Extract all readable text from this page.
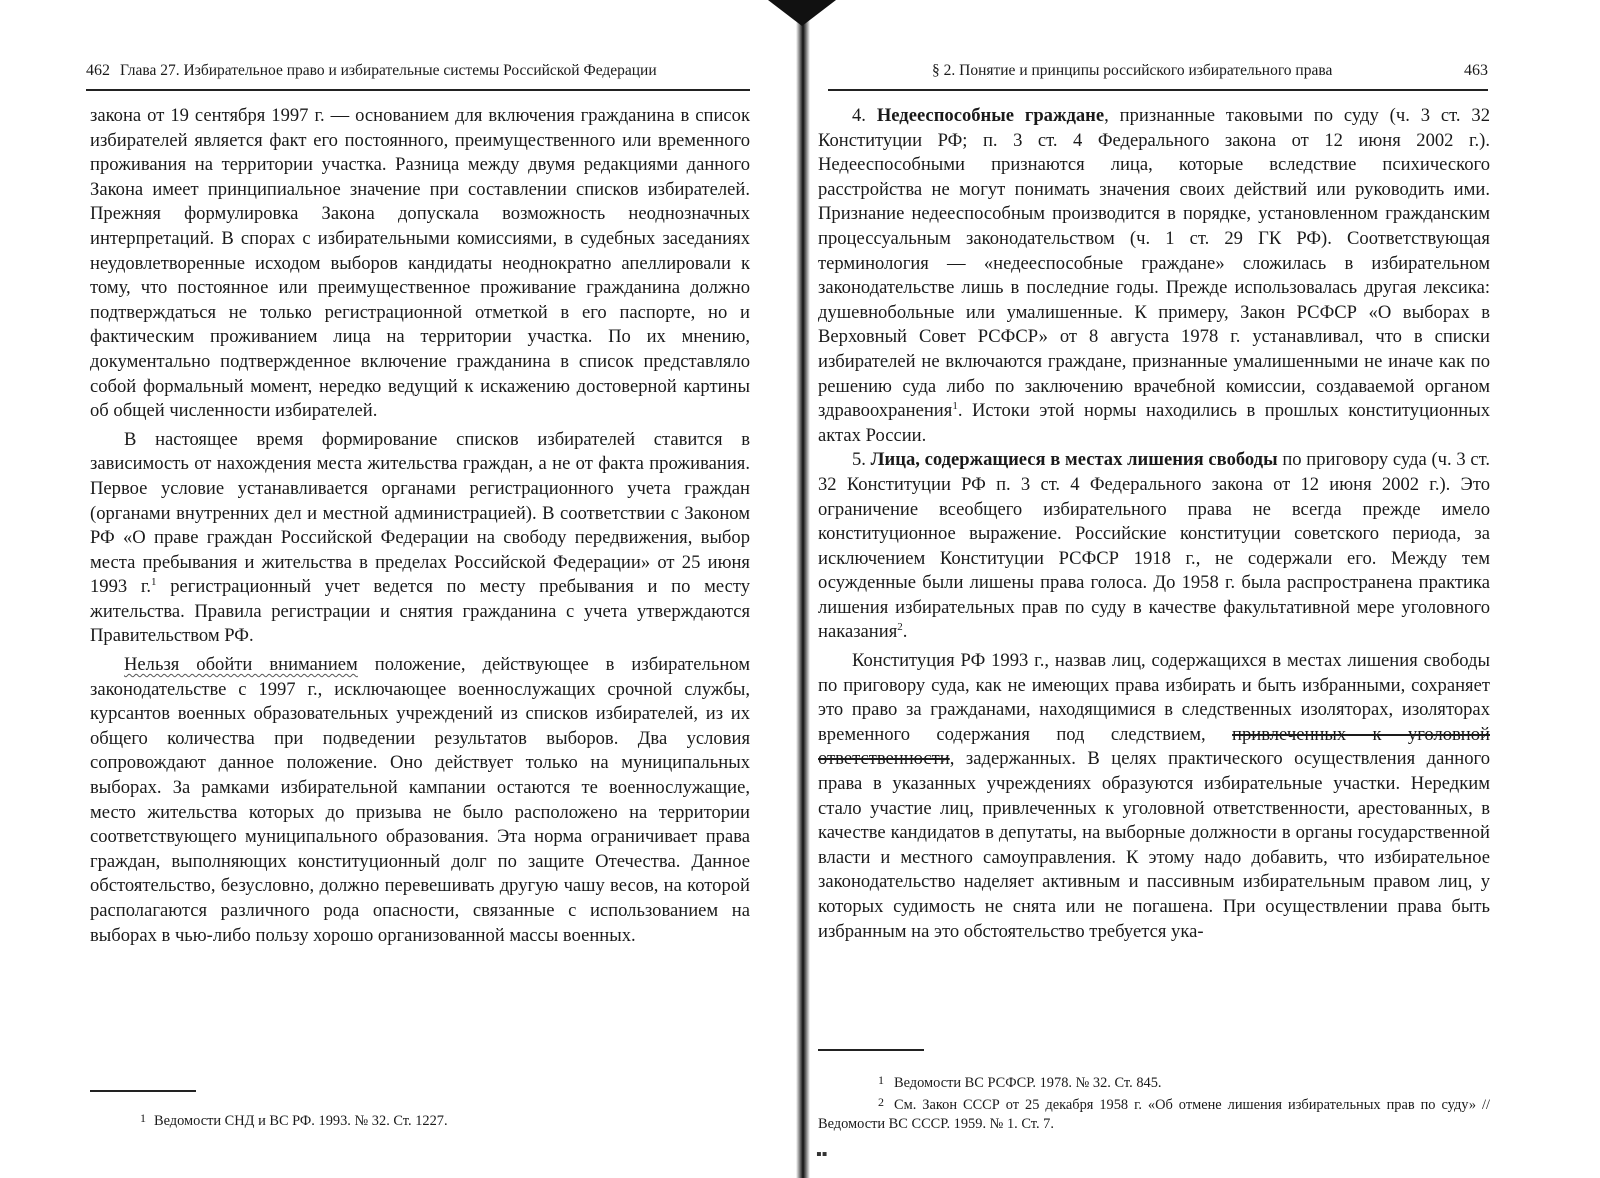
462 Глава 27. Избирательное право и избирательные системы Российской Федерации

закона от 19 сентября 1997 г. — основанием для включения гражданина в список избирателей является факт его постоянного, преимущественного или временного проживания на территории участка. Разница между двумя редакциями данного Закона имеет принципиальное значение при составлении списков избирателей. Прежняя формулировка Закона допускала возможность неоднозначных интерпретаций. В спорах с избирательными комиссиями, в судебных заседаниях неудовлетворенные исходом выборов кандидаты неоднократно апеллировали к тому, что постоянное или преимущественное проживание гражданина должно подтверждаться не только регистрационной отметкой в его паспорте, но и фактическим проживанием лица на территории участка. По их мнению, документально подтвержденное включение гражданина в список представляло собой формальный момент, нередко ведущий к искажению достоверной картины об общей численности избирателей.

В настоящее время формирование списков избирателей ставится в зависимость от нахождения места жительства граждан, а не от факта проживания. Первое условие устанавливается органами регистрационного учета граждан (органами внутренних дел и местной администрацией). В соответствии с Законом РФ «О праве граждан Российской Федерации на свободу передвижения, выбор места пребывания и жительства в пределах Российской Федерации» от 25 июня 1993 г.$^1$ регистрационный учет ведется по месту пребывания и по месту жительства. Правила регистрации и снятия гражданина с учета утверждаются Правительством РФ.

Нельзя обойти вниманием положение, действующее в избирательном законодательстве с 1997 г., исключающее военнослужащих срочной службы, курсантов военных образовательных учреждений из списков избирателей, из их общего количества при подведении результатов выборов. Два условия сопровождают данное положение. Оно действует только на муниципальных выборах. За рамками избирательной кампании остаются те военнослужащие, место жительства которых до призыва не было расположено на территории соответствующего муниципального образования. Эта норма ограничивает права граждан, выполняющих конституционный долг по защите Отечества. Данное обстоятельство, безусловно, должно перевешивать другую чашу весов, на которой располагаются различного рода опасности, связанные с использованием на выборах в чью-либо пользу хорошо организованной массы военных.

1 Ведомости СНД и ВС РФ. 1993. № 32. Ст. 1227.

§ 2. Понятие и принципы российского избирательного права	463

4. Недееспособные граждане, признанные таковыми по суду (ч. 3 ст. 32 Конституции РФ; п. 3 ст. 4 Федерального закона от 12 июня 2002 г.). Недееспособными признаются лица, которые вследствие психического расстройства не могут понимать значения своих действий или руководить ими. Признание недееспособным производится в порядке, установленном гражданским процессуальным законодательством (ч. 1 ст. 29 ГК РФ). Соответствующая терминология — «недееспособные граждане» сложилась в избирательном законодательстве лишь в последние годы. Прежде использовалась другая лексика: душевнобольные или умалишенные. К примеру, Закон РСФСР «О выборах в Верховный Совет РСФСР» от 8 августа 1978 г. устанавливал, что в списки избирателей не включаются граждане, признанные умалишенными не иначе как по решению суда либо по заключению врачебной комиссии, создаваемой органом здравоохранения$^1$. Истоки этой нормы находились в прошлых конституционных актах России.

5. Лица, содержащиеся в местах лишения свободы по приговору суда (ч. 3 ст. 32 Конституции РФ п. 3 ст. 4 Федерального закона от 12 июня 2002 г.). Это ограничение всеобщего избирательного права не всегда прежде имело конституционное выражение. Российские конституции советского периода, за исключением Конституции РСФСР 1918 г., не содержали его. Между тем осужденные были лишены права голоса. До 1958 г. была распространена практика лишения избирательных прав по суду в качестве факультативной мере уголовного наказания$^2$.

Конституция РФ 1993 г., назвав лиц, содержащихся в местах лишения свободы по приговору суда, как не имеющих права избирать и быть избранными, сохраняет это право за гражданами, находящимися в следственных изоляторах, изоляторах временного содержания под следствием, привлеченных к уголовной ответственности, задержанных. В целях практического осуществления данного права в указанных учреждениях образуются избирательные участки. Нередким стало участие лиц, привлеченных к уголовной ответственности, арестованных, в качестве кандидатов в депутаты, на выборные должности в органы государственной власти и местного самоуправления. К этому надо добавить, что избирательное законодательство наделяет активным и пассивным избирательным правом лиц, у которых судимость не снята или не погашена. При осуществлении права быть избранным на это обстоятельство требуется ука-

1 Ведомости ВС РСФСР. 1978. № 32. Ст. 845.

2 См. Закон СССР от 25 декабря 1958 г. «Об отмене лишения избирательных прав по суду» // Ведомости ВС СССР. 1959. № 1. Ст. 7.

▪▪
